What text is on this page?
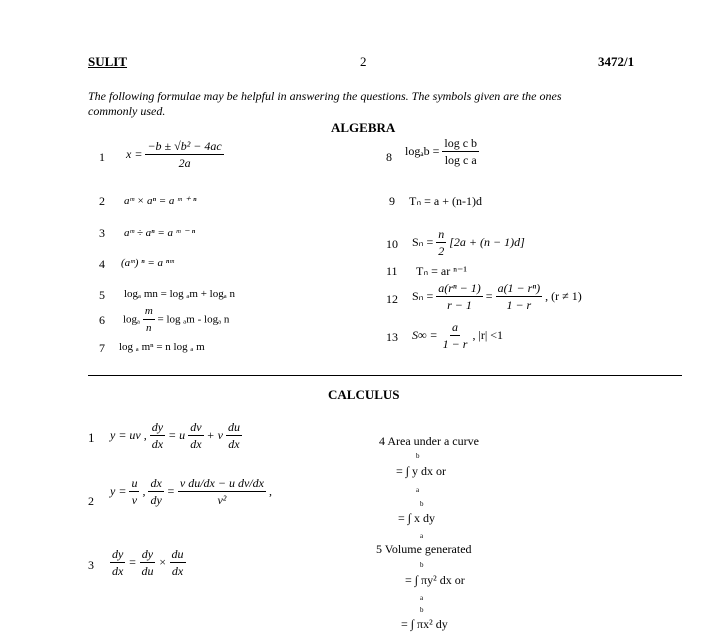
SULIT	2	3472/1
The following formulae may be helpful in answering the questions. The symbols given are the ones
commonly used.
ALGEBRA
1 $x = \frac{\text{−b ± √b² − 4ac}}{2a}$
2 aᵐ × aⁿ = a ᵐ ⁺ ⁿ
3 aᵐ ÷ aⁿ = a ᵐ ⁻ ⁿ
4 (aᵐ) ⁿ = a ⁿᵐ
5 logₐ mn = log ₐm + logₐ n
6 logₐ $\frac{m}{n} = \log _am - \log_a$ n
7 log ₐ mⁿ = n log ₐ m
8 $\log_ab = \frac{\text{log c b}}{\text{log c a}}$
9 Tₙ = a + (n-1)d
10 $S_n = \frac{n}{2} [2a + (n - 1)d]$
11 Tₙ = ar ⁿ⁻¹
12 $S_n = \frac{\text{a(rⁿ − 1)}}{r - 1} = \frac{\text{a(1 − rⁿ)}}{1 - r}$ , (r ≠ 1)
13 $S\infty = \frac{a}{1 - r}$ , |r| <1
CALCULUS
1 y = uv , $\frac{dy}{dx} = u \frac{dv}{dx} + v \frac{du}{dx}$
2
$y = \frac{u}{v}$ , $\frac{dx}{dy} = \frac{\text{v du/dx − u dv/dx}}{\text{v²}}$ ,
$3 \frac{dy}{dx} = \frac{dy}{du} \times \frac{du}{dx}$
4 Area under a curve
b
= ∫ y dx or
a
b
= ∫ x dy
a
5 Volume generated
b
= ∫ πy² dx or
a
b
= ∫ πx² dy
